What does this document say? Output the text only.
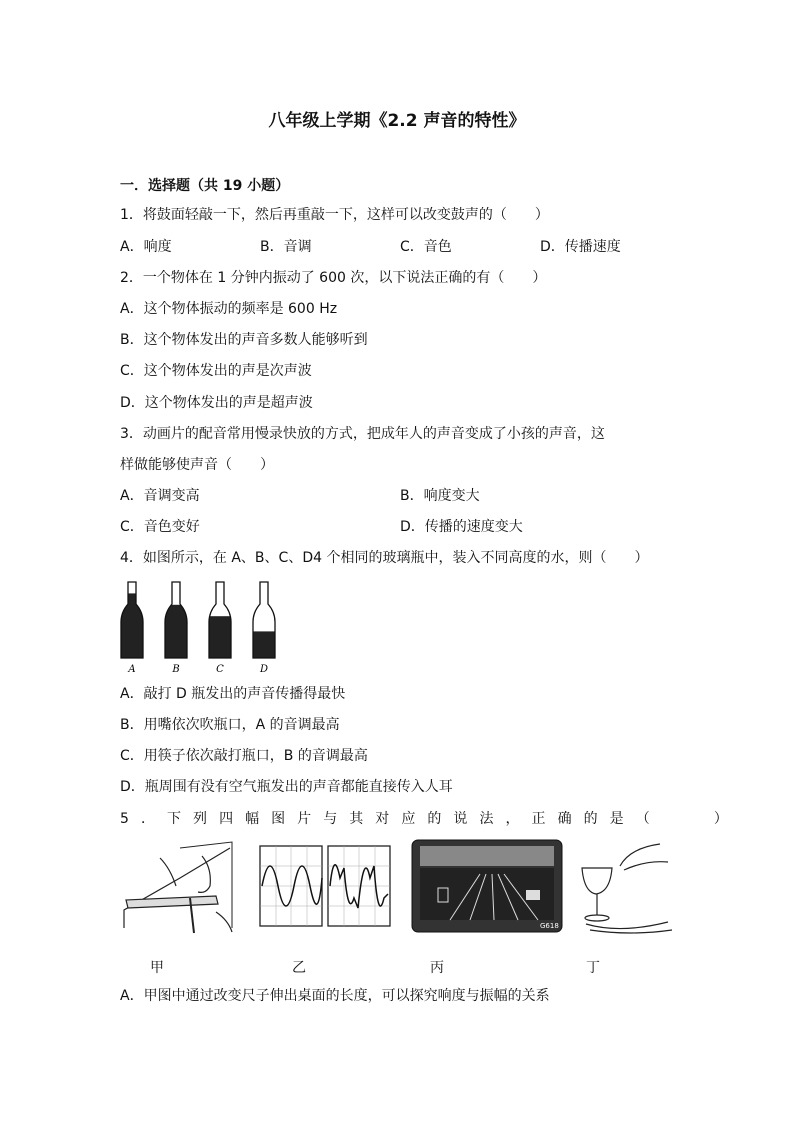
八年级上学期《2.2 声音的特性》
一．选择题（共 19 小题）
1．将鼓面轻敲一下，然后再重敲一下，这样可以改变鼓声的（　　）
A．响度	B．音调	C．音色	D．传播速度
2．一个物体在 1 分钟内振动了 600 次，以下说法正确的有（　　）
A．这个物体振动的频率是 600 Hz
B．这个物体发出的声音多数人能够听到
C．这个物体发出的声是次声波
D．这个物体发出的声是超声波
3．动画片的配音常用慢录快放的方式，把成年人的声音变成了小孩的声音，这
样做能够使声音（　　）
A．音调变高	B．响度变大
C．音色变好	D．传播的速度变大
4．如图所示，在 A、B、C、D4 个相同的玻璃瓶中，装入不同高度的水，则（　　）
A	B	C	D
A．敲打 D 瓶发出的声音传播得最快
B．用嘴依次吹瓶口，A 的音调最高
C．用筷子依次敲打瓶口，B 的音调最高
D．瓶周围有没有空气瓶发出的声音都能直接传入人耳
5．下列四幅图片与其对应的说法，正确的是（　　）
G618
甲	乙	丙	丁
A．甲图中通过改变尺子伸出桌面的长度，可以探究响度与振幅的关系
